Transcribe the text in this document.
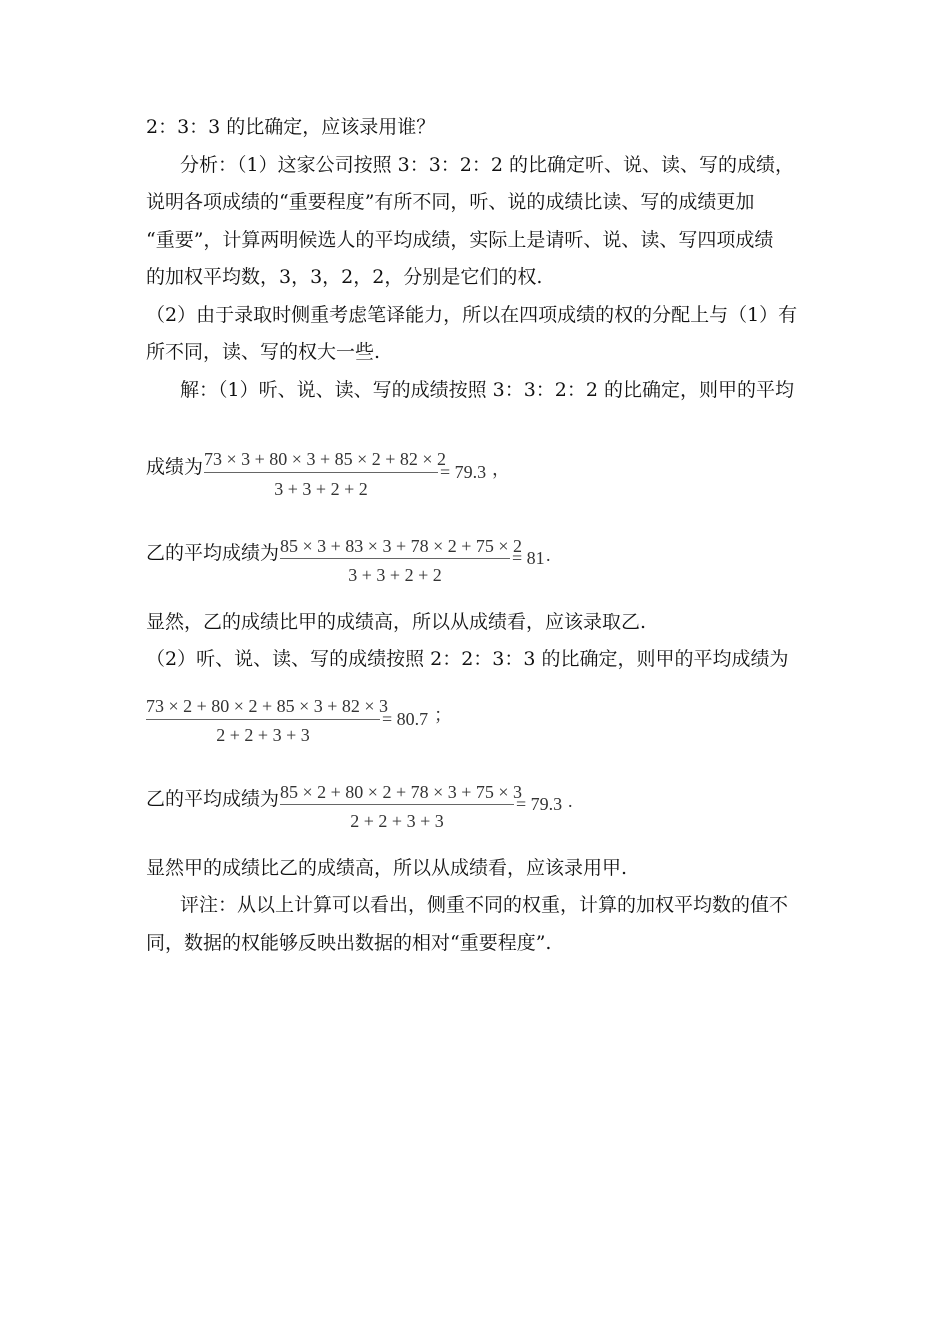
2：3：3 的比确定，应该录用谁？
分析：（1）这家公司按照 3：3：2：2 的比确定听、说、读、写的成绩，
说明各项成绩的“重要程度”有所不同，听、说的成绩比读、写的成绩更加
“重要”，计算两明候选人的平均成绩，实际上是请听、说、读、写四项成绩
的加权平均数，3，3，2，2，分别是它们的权.
（2）由于录取时侧重考虑笔译能力，所以在四项成绩的权的分配上与（1）有
所不同，读、写的权大一些.
解：（1）听、说、读、写的成绩按照 3：3：2：2 的比确定，则甲的平均
成绩为 73 × 3 + 80 × 3 + 85 × 2 + 82 × 2
3 + 3 + 2 + 2
= 79.3 ，
乙的平均成绩为 85 × 3 + 83 × 3 + 78 × 2 + 75 × 2
3 + 3 + 2 + 2
= 81 .
显然，乙的成绩比甲的成绩高，所以从成绩看，应该录取乙.
（2）听、说、读、写的成绩按照 2：2：3：3 的比确定，则甲的平均成绩为
73 × 2 + 80 × 2 + 85 × 3 + 82 × 3
2 + 2 + 3 + 3
= 80.7 ；
乙的平均成绩为 85 × 2 + 80 × 2 + 78 × 3 + 75 × 3
2 + 2 + 3 + 3
= 79.3 .
显然甲的成绩比乙的成绩高，所以从成绩看，应该录用甲.
评注：从以上计算可以看出，侧重不同的权重，计算的加权平均数的值不
同，数据的权能够反映出数据的相对“重要程度”.
